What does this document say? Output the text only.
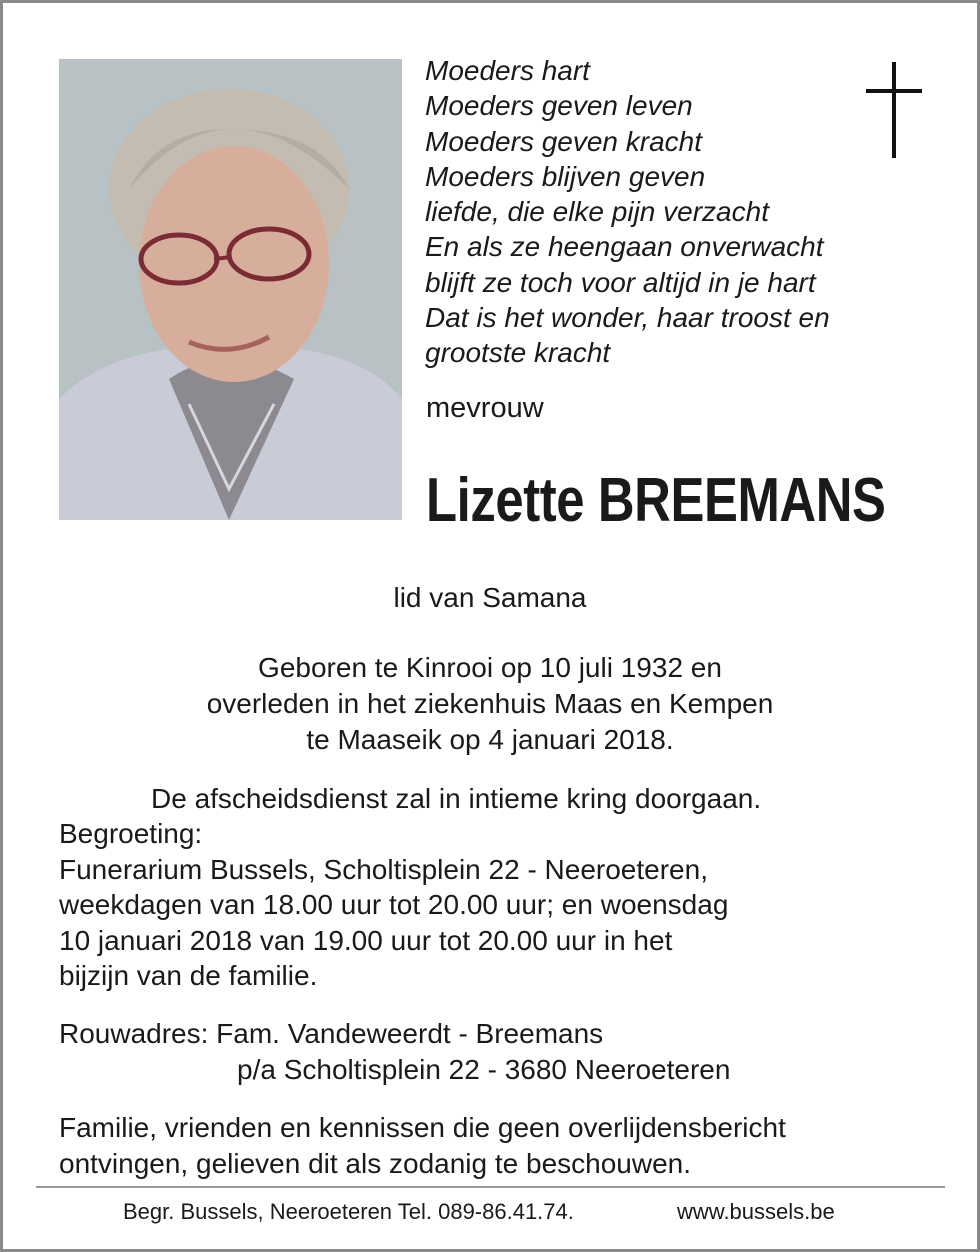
Moeders hart
Moeders geven leven
Moeders geven kracht
Moeders blijven geven
liefde, die elke pijn verzacht
En als ze heengaan onverwacht
blijft ze toch voor altijd in je hart
Dat is het wonder, haar troost en
grootste kracht
mevrouw
Lizette BREEMANS
lid van Samana
Geboren te Kinrooi op 10 juli 1932 en
overleden in het ziekenhuis Maas en Kempen
te Maaseik op 4 januari 2018.
De afscheidsdienst zal in intieme kring doorgaan.
Begroeting:
Funerarium Bussels, Scholtisplein 22 - Neeroeteren,
weekdagen van 18.00 uur tot 20.00 uur; en woensdag
10 januari 2018 van 19.00 uur tot 20.00 uur in het
bijzijn van de familie.
Rouwadres: Fam. Vandeweerdt - Breemans
p/a Scholtisplein 22 - 3680 Neeroeteren
Familie, vrienden en kennissen die geen overlijdensbericht
ontvingen, gelieven dit als zodanig te beschouwen.
Begr. Bussels, Neeroeteren Tel. 089-86.41.74.	www.bussels.be
